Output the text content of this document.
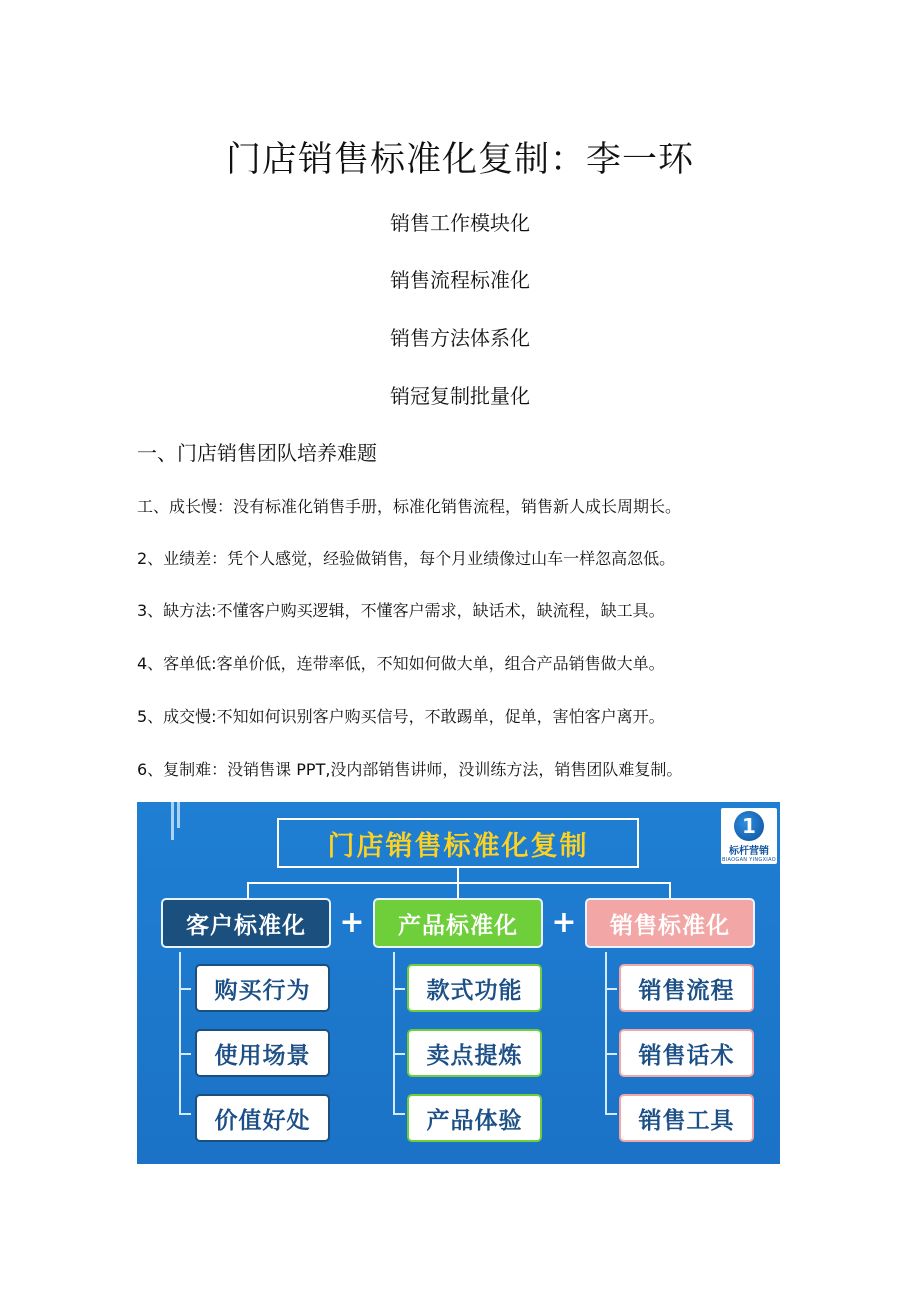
门店销售标准化复制：李一环
销售工作模块化
销售流程标准化
销售方法体系化
销冠复制批量化
一、门店销售团队培养难题
工、成长慢：没有标准化销售手册，标准化销售流程，销售新人成长周期长。
2、业绩差：凭个人感觉，经验做销售，每个月业绩像过山车一样忽高忽低。
3、缺方法:不懂客户购买逻辑，不懂客户需求，缺话术，缺流程，缺工具。
4、客单低:客单价低，连带率低，不知如何做大单，组合产品销售做大单。
5、成交慢:不知如何识别客户购买信号，不敢踢单，促单，害怕客户离开。
6、复制难：没销售课 PPT,没内部销售讲师，没训练方法，销售团队难复制。
门店销售标准化复制
1
标杆营销
BIAOGAN YINGXIAO
客户标准化 + 产品标准化 + 销售标准化
购买行为
使用场景
价值好处
款式功能
卖点提炼
产品体验
销售流程
销售话术
销售工具
